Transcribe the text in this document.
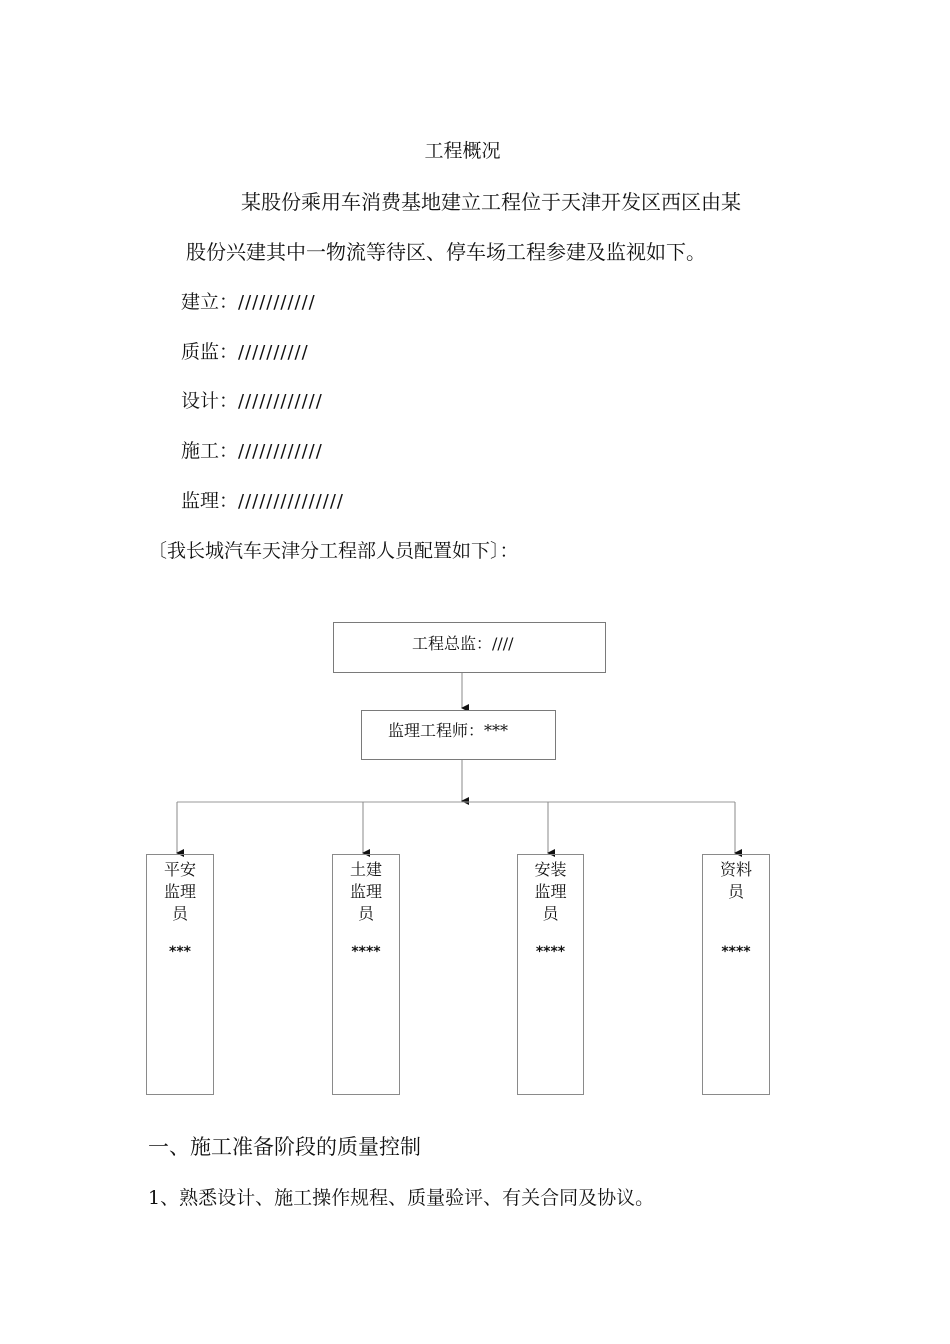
工程概况
某股份乘用车消费基地建立工程位于天津开发区西区由某
股份兴建其中一物流等待区、停车场工程参建及监视如下。
建立：///////////
质监：//////////
设计：////////////
施工：////////////
监理：///////////////
〔我长城汽车天津分工程部人员配置如下〕：
工程总监：////
监理工程师：***
平安监理员
***
土建监理员
****
安装监理员
****
资料员
****
一、施工准备阶段的质量控制
1、熟悉设计、施工操作规程、质量验评、有关合同及协议。
